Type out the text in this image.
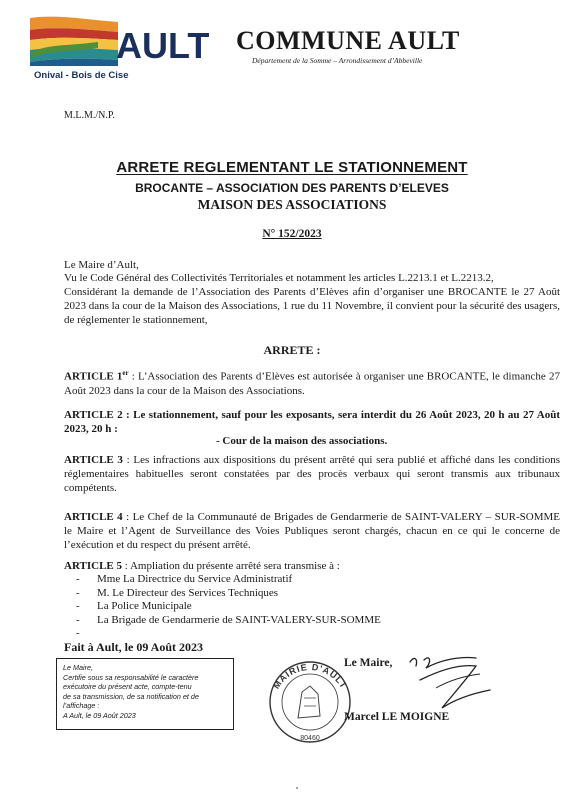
AULT
Onival - Bois de Cise
COMMUNE AULT
Département de la Somme – Arrondissement d’Abbeville
M.L.M./N.P.
ARRETE REGLEMENTANT LE STATIONNEMENT
BROCANTE – ASSOCIATION DES PARENTS D’ELEVES
MAISON DES ASSOCIATIONS
N° 152/2023
Le Maire d’Ault,
Vu le Code Général des Collectivités Territoriales et notamment les articles L.2213.1 et L.2213.2,
Considérant la demande de l’Association des Parents d’Elèves afin d’organiser une BROCANTE le 27 Août 2023 dans la cour de la Maison des Associations, 1 rue du 11 Novembre, il convient pour la sécurité des usagers, de réglementer le stationnement,
ARRETE :
ARTICLE 1er : L’Association des Parents d’Elèves est autorisée à organiser une BROCANTE, le dimanche 27 Août 2023 dans la cour de la Maison des Associations.
ARTICLE 2 : Le stationnement, sauf pour les exposants, sera interdit du 26 Août 2023, 20 h au 27 Août 2023, 20 h :
- Cour de la maison des associations.
ARTICLE 3 : Les infractions aux dispositions du présent arrêté qui sera publié et affiché dans les conditions réglementaires habituelles seront constatées par des procès verbaux qui seront transmis aux tribunaux compétents.
ARTICLE 4 : Le Chef de la Communauté de Brigades de Gendarmerie de SAINT-VALERY – SUR-SOMME le Maire et l’Agent de Surveillance des Voies Publiques seront chargés, chacun en ce qui le concerne de l’exécution et du respect du présent arrêté.
ARTICLE 5 : Ampliation du présente arrêté sera transmise à :
- Mme La Directrice du Service Administratif
- M. Le Directeur des Services Techniques
- La Police Municipale
- La Brigade de Gendarmerie de SAINT-VALERY-SUR-SOMME
Fait à Ault, le 09 Août 2023
Le Maire,
Certifie sous sa responsabilité le caractère
exécutoire du présent acte, compte-tenu
de sa transmission, de sa notification et de
l’affichage :
A Ault, le 09 Août 2023
MAIRIE D'AULT
80460
Le Maire,
Marcel LE MOIGNE
